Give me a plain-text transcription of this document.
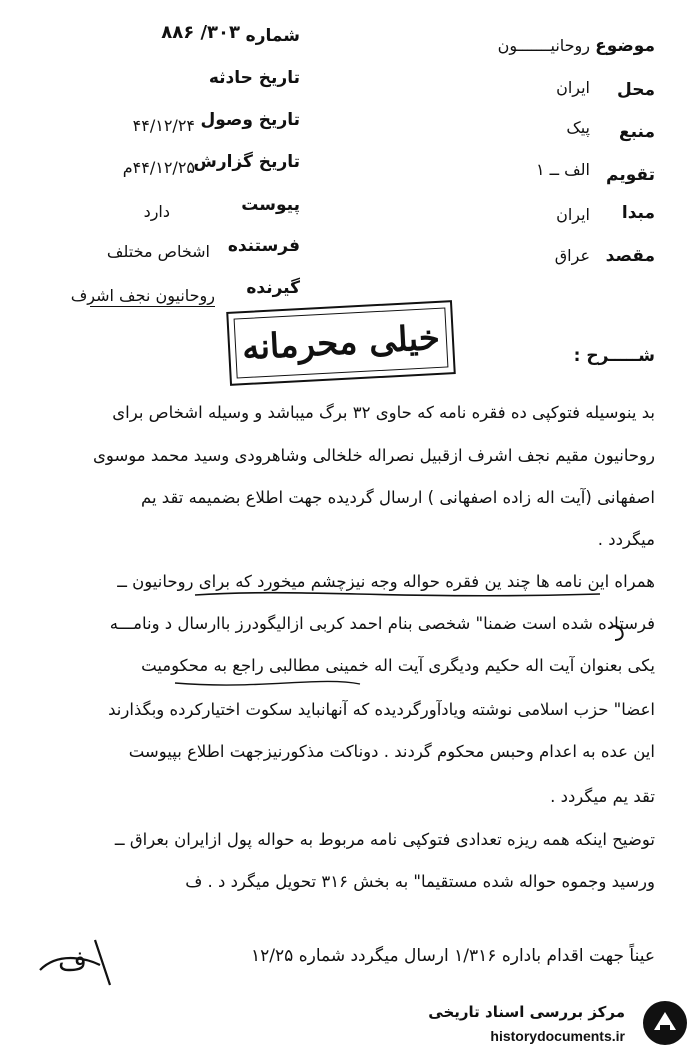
موضوع
روحانیـــــــون
محل
ایران
منبع
پیک
تقویم
الف ــ ۱
مبدا
ایران
مقصد
عراق
شماره
۳۰۳/ ۸۸۶
تاریخ حادثه
تاریخ وصول
۴۴/۱۲/۲۴
تاریخ گزارش
۴۴/۱۲/۲۵م
پیوست
دارد
فرستنده
اشخاص مختلف
گیرنده
روحانیون نجف اشرف
خیلی محرمانه	شـــــرح :
بد ینوسیله فتوکپی ده فقره نامه که حاوی ۳۲ برگ میباشد و وسیله اشخاص برای
روحانیون مقیم نجف اشرف ازقبیل نصراله خلخالی وشاهرودی وسید محمد موسوی
اصفهانی (آیت اله زاده اصفهانی ) ارسال گردیده جهت اطلاع بضمیمه تقد یم
میگردد .
همراه این نامه ها چند ین فقره حواله وجه نیزچشم میخورد که برای روحانیون ــ
فرستاده شده است ضمنا" شخصی بنام احمد کربی ازالیگودرز باارسال د ونامـــه
یکی بعنوان آیت اله حکیم ودیگری آیت اله خمینی مطالبی راجع به محکومیت
اعضا" حزب اسلامی نوشته ویادآورگردیده که آنهانباید سکوت اختیارکرده وبگذارند
این عده به اعدام وحبس محکوم گردند . دوناکت مذکورنیزجهت اطلاع بپیوست
تقد یم میگردد .
توضیح اینکه همه ریزه تعدادی فتوکپی نامه مربوط به حواله پول ازایران بعراق ــ
ورسید وجموه حواله شده مستقیما" به بخش ۳۱۶ تحویل میگرد د . ف
عیناً جهت اقدام باداره ۱/۳۱۶ ارسال میگردد شماره ۱۲/۲۵
ف
مرکز بررسی اسناد تاریخی
historydocuments.ir
